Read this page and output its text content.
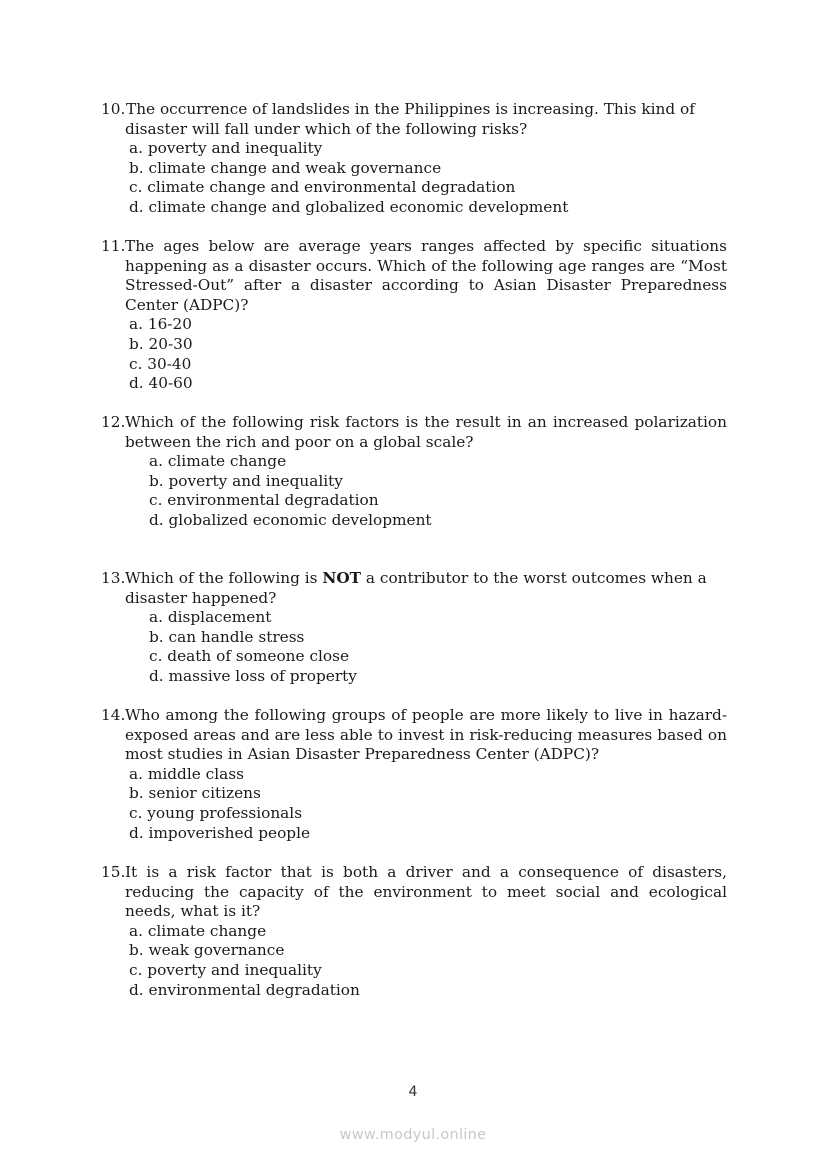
10.The occurrence of landslides in the Philippines is increasing. This kind of disaster will fall under which of the following risks?
a. poverty and inequality
b. climate change and weak governance
c. climate change and environmental degradation
d. climate change and globalized economic development
11.The ages below are average years ranges affected by specific situations happening as a disaster occurs. Which of the following age ranges are “Most Stressed-Out” after a disaster according to Asian Disaster Preparedness Center (ADPC)?
a. 16-20
b. 20-30
c. 30-40
d. 40-60
12.Which of the following risk factors is the result in an increased polarization between the rich and poor on a global scale?
a. climate change
b. poverty and inequality
c. environmental degradation
d. globalized economic development
13.Which of the following is NOT a contributor to the worst outcomes when a disaster happened?
a. displacement
b. can handle stress
c. death of someone close
d. massive loss of property
14.Who among the following groups of people are more likely to live in hazard-exposed areas and are less able to invest in risk-reducing measures based on most studies in Asian Disaster Preparedness Center (ADPC)?
a. middle class
b. senior citizens
c. young professionals
d. impoverished people
15.It is a risk factor that is both a driver and a consequence of disasters, reducing the capacity of the environment to meet social and ecological needs, what is it?
a. climate change
b. weak governance
c. poverty and inequality
d. environmental degradation
4
www.modyul.online
